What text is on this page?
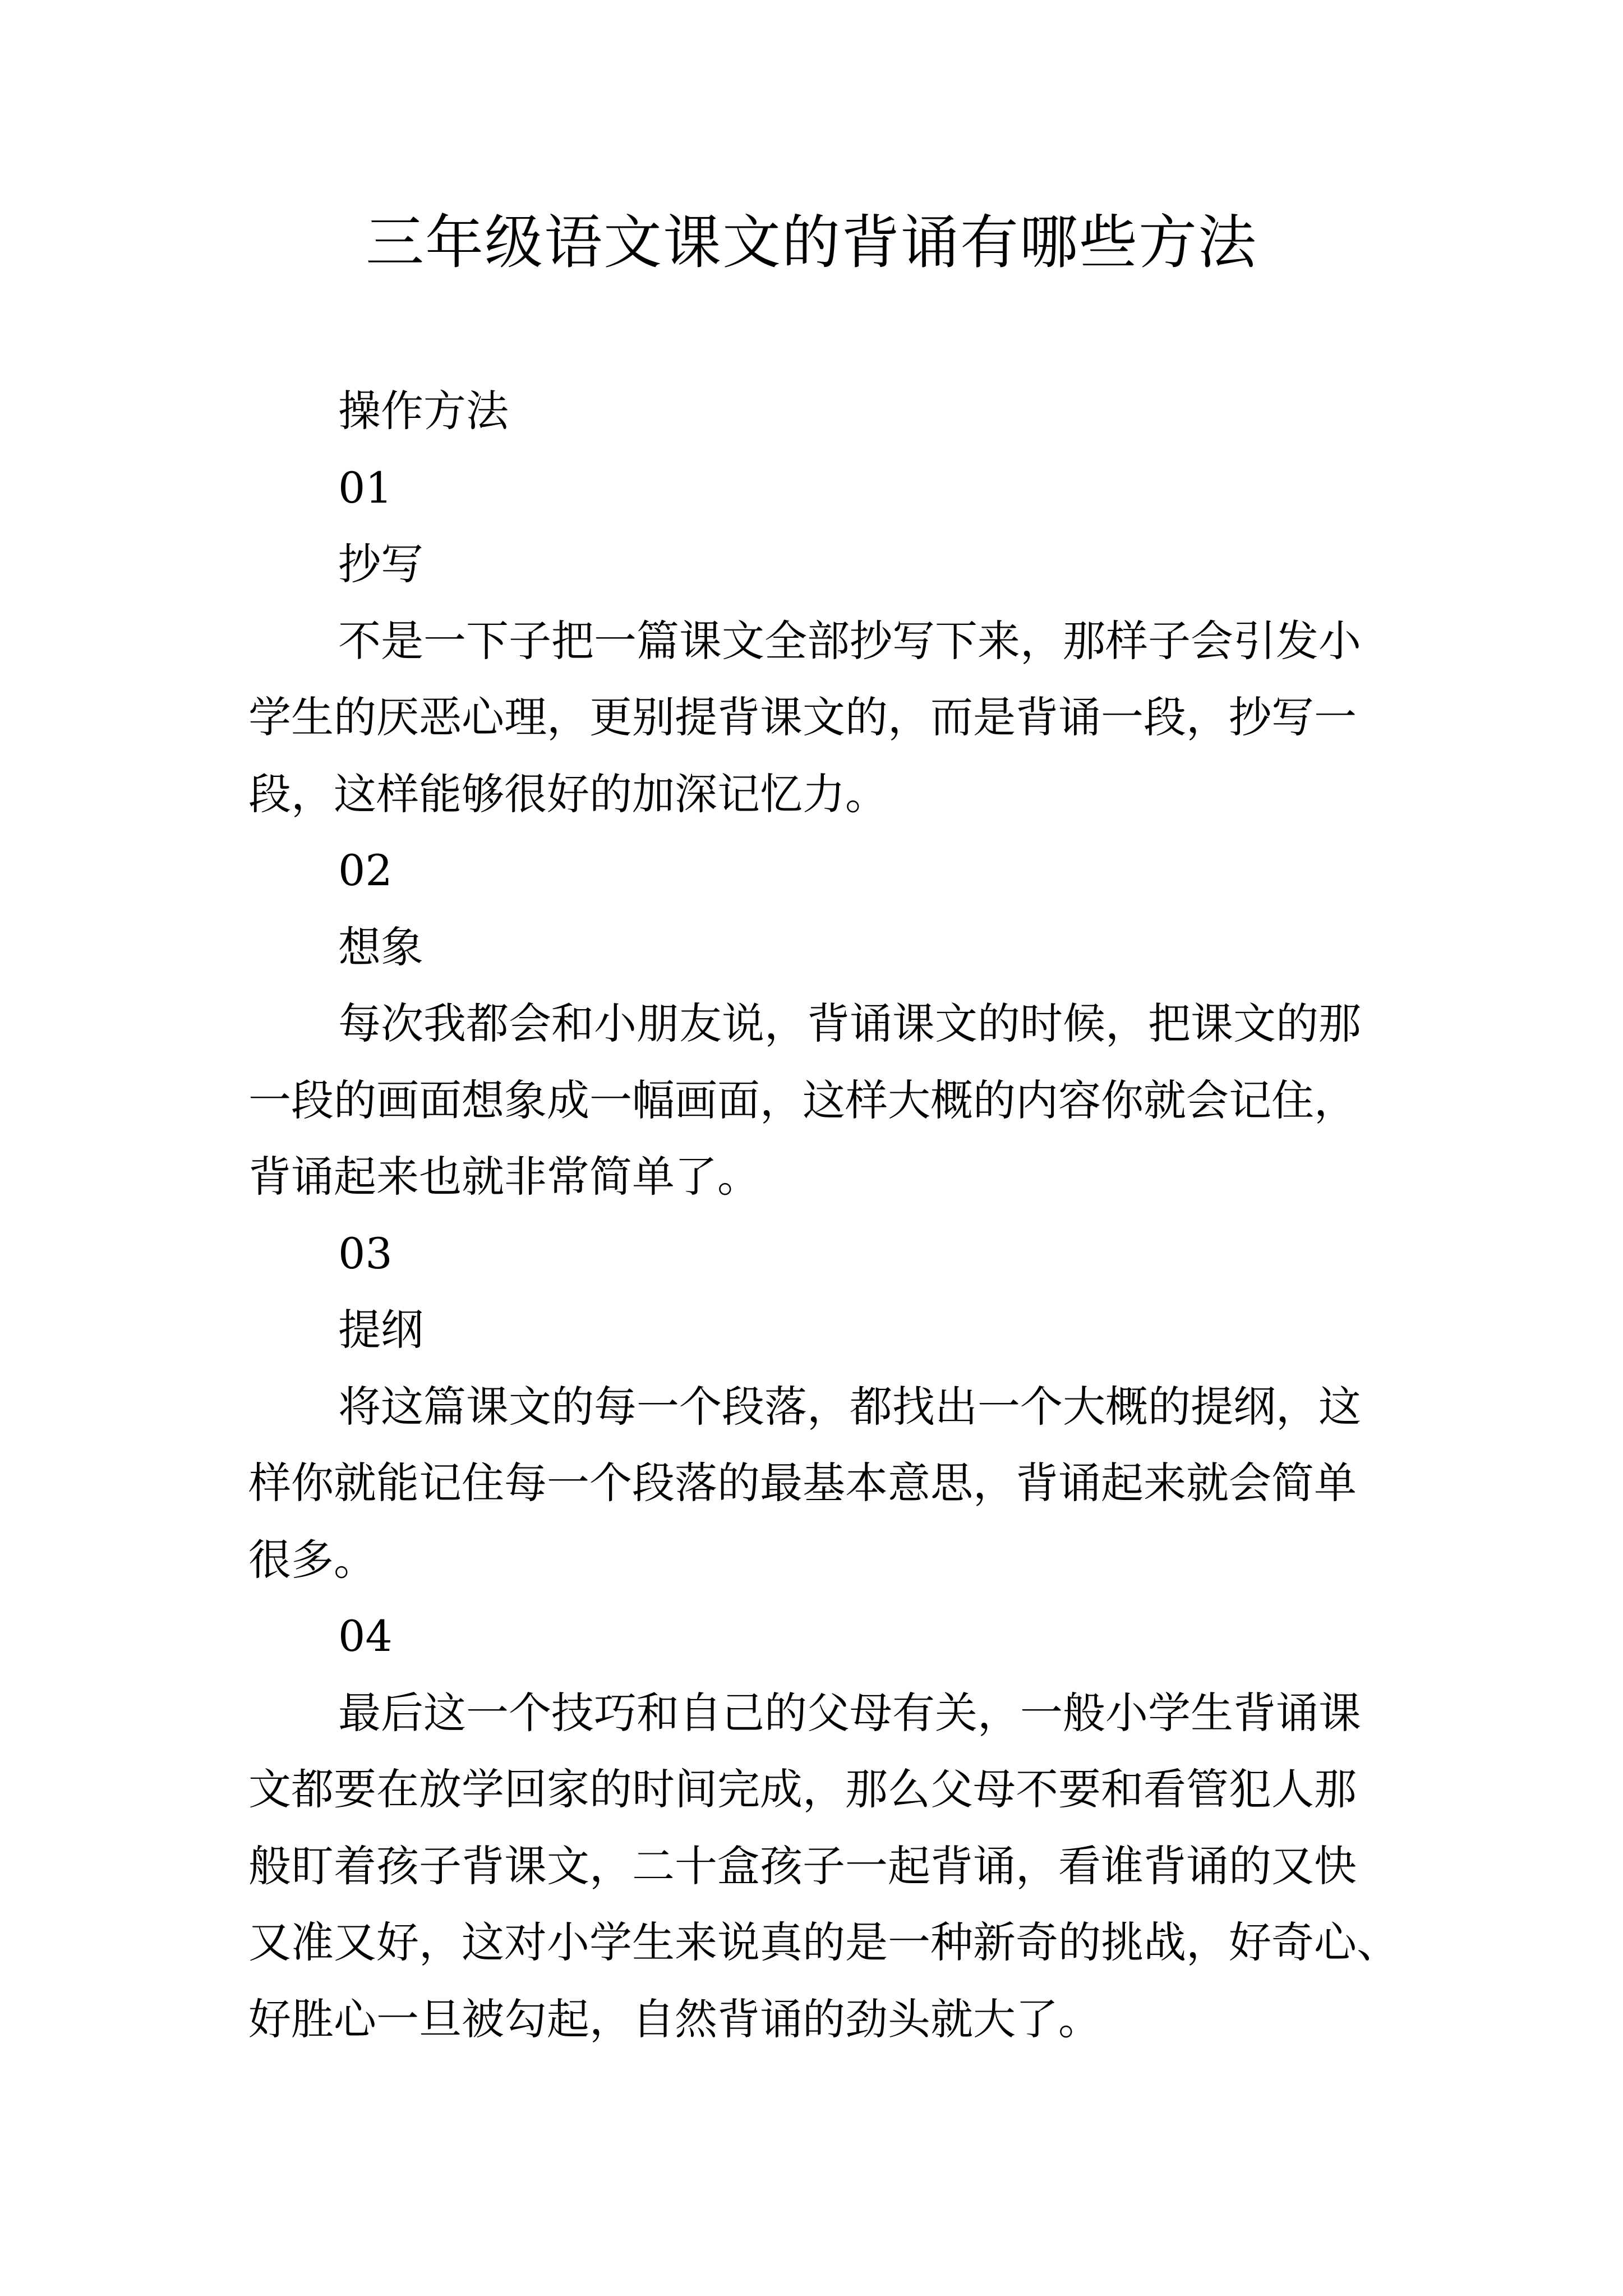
三年级语文课文的背诵有哪些方法

操作方法

01

抄写

不是一下子把一篇课文全部抄写下来，那样子会引发小

学生的厌恶心理，更别提背课文的，而是背诵一段，抄写一

段，这样能够很好的加深记忆力。

02

想象

每次我都会和小朋友说，背诵课文的时候，把课文的那

一段的画面想象成一幅画面，这样大概的内容你就会记住，

背诵起来也就非常简单了。

03

提纲

将这篇课文的每一个段落，都找出一个大概的提纲，这

样你就能记住每一个段落的最基本意思，背诵起来就会简单

很多。

04

最后这一个技巧和自己的父母有关，一般小学生背诵课

文都要在放学回家的时间完成，那么父母不要和看管犯人那

般盯着孩子背课文，二十盒孩子一起背诵，看谁背诵的又快

又准又好，这对小学生来说真的是一种新奇的挑战，好奇心、

好胜心一旦被勾起，自然背诵的劲头就大了。
